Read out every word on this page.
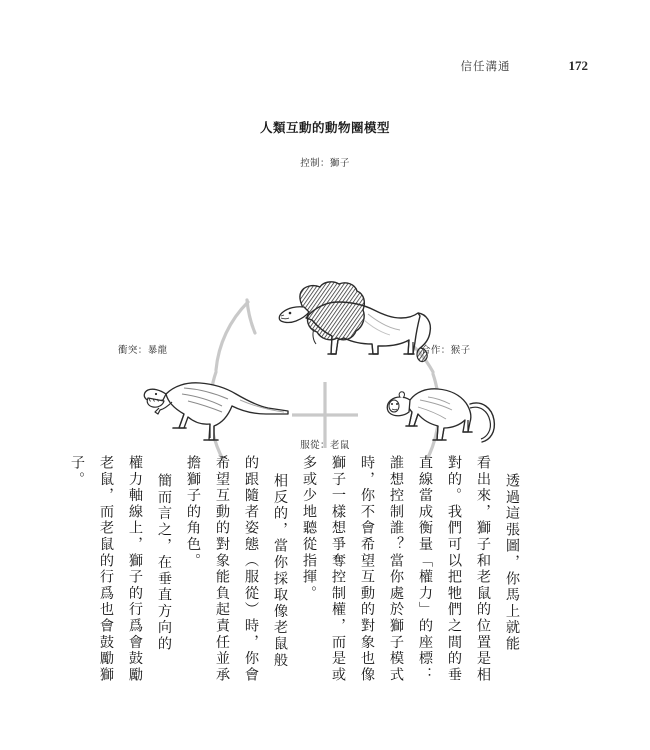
信任溝通	172
人類互動的動物圈模型
控制：獅子
衝突：暴龍	合作：猴子
服從：老鼠
透過這張圖，你馬上就能
看出來，獅子和老鼠的位置是相
對的。我們可以把牠們之間的垂
直線當成衡量「權力」的座標：
誰想控制誰？當你處於獅子模式
時，你不會希望互動的對象也像
獅子一樣想爭奪控制權，而是或
多或少地聽從指揮。
相反的，當你採取像老鼠般
的跟隨者姿態（服從）時，你會
希望互動的對象能負起責任並承
擔獅子的角色。
簡而言之，在垂直方向的
權力軸線上，獅子的行爲會鼓勵
老鼠，而老鼠的行爲也會鼓勵獅
子。
